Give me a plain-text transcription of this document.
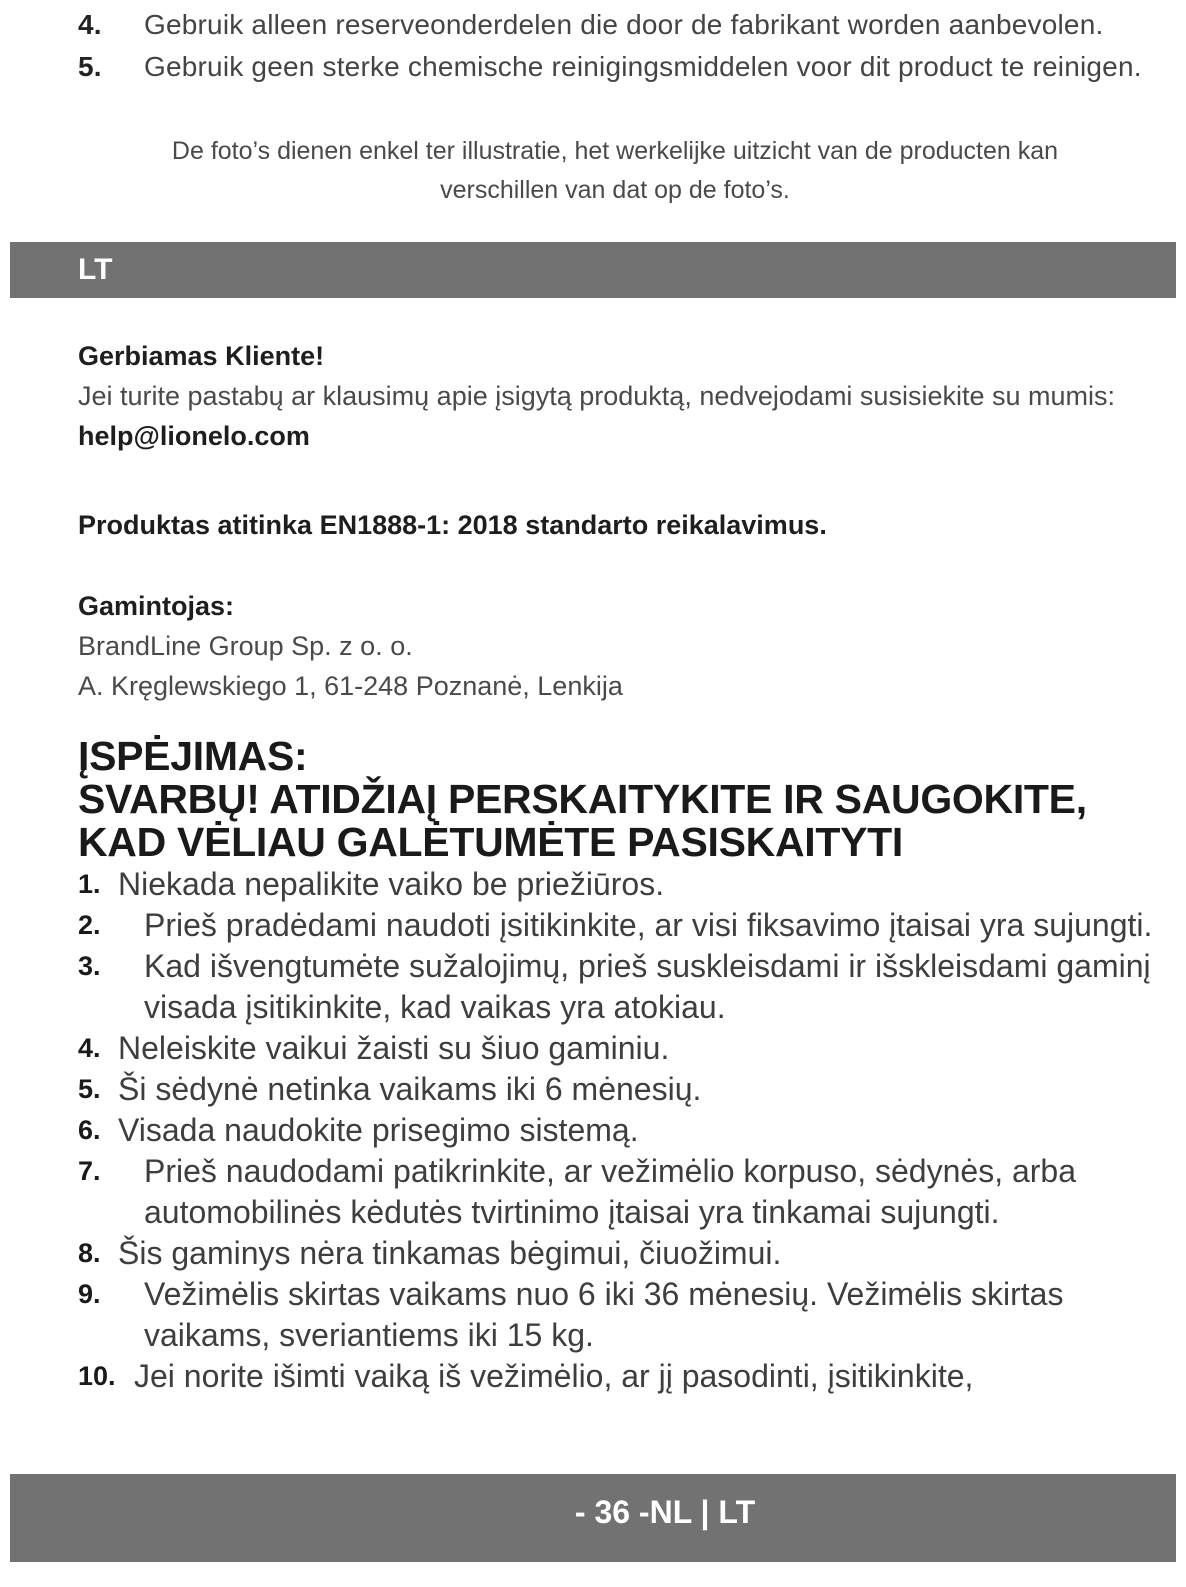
4.	Gebruik alleen reserveonderdelen die door de fabrikant worden aanbevolen.
5.	Gebruik geen sterke chemische reinigingsmiddelen voor dit product te reinigen.
De foto’s dienen enkel ter illustratie, het werkelijke uitzicht van de producten kan
verschillen van dat op de foto’s.
LT
Gerbiamas Kliente!
Jei turite pastabų ar klausimų apie įsigytą produktą, nedvejodami susisiekite su mumis: help@lionelo.com
Produktas atitinka EN1888-1: 2018 standarto reikalavimus.
Gamintojas:
BrandLine Group Sp. z o. o.
A. Kręglewskiego 1, 61-248 Poznanė, Lenkija
ĮSPĖJIMAS:
SVARBŲ! ATIDŽIAĮ PERSKAITYKITE IR SAUGOKITE,
KAD VĖLIAU GALĖTUMĖTE PASISKAITYTI
1. Niekada nepalikite vaiko be priežiūros.
2.	Prieš pradėdami naudoti įsitikinkite, ar visi fiksavimo įtaisai yra sujungti.
3.	Kad išvengtumėte sužalojimų, prieš suskleisdami ir išskleisdami gaminį visada įsitikinkite, kad vaikas yra atokiau.
4. Neleiskite vaikui žaisti su šiuo gaminiu.
5. Ši sėdynė netinka vaikams iki 6 mėnesių.
6. Visada naudokite prisegimo sistemą.
7.	Prieš naudodami patikrinkite, ar vežimėlio korpuso, sėdynės, arba automobilinės kėdutės tvirtinimo įtaisai yra tinkamai sujungti.
8. Šis gaminys nėra tinkamas bėgimui, čiuožimui.
9.	Vežimėlis skirtas vaikams nuo 6 iki 36 mėnesių. Vežimėlis skirtas vaikams, sveriantiems iki 15 kg.
10. Jei norite išimti vaiką iš vežimėlio, ar jį pasodinti, įsitikinkite,
- 36 -NL | LT
